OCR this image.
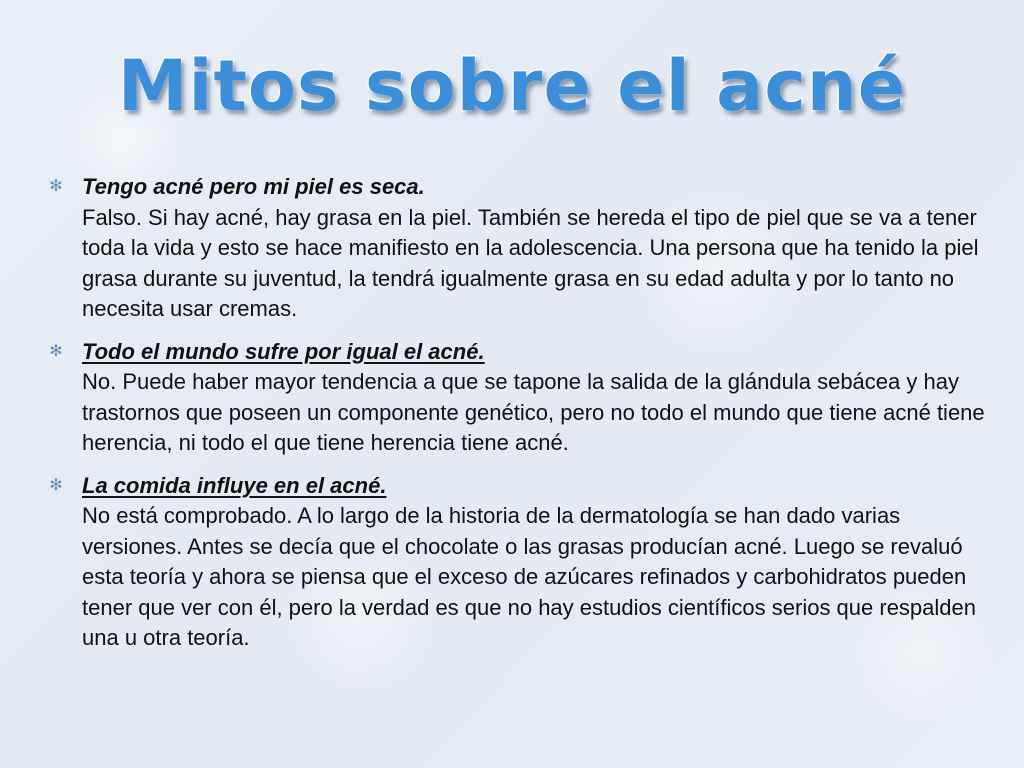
Mitos sobre el acné
✻ Tengo acné pero mi piel es seca.
Falso. Si hay acné, hay grasa en la piel. También se hereda el tipo de piel que se va a tener toda la vida y esto se hace manifiesto en la adolescencia. Una persona que ha tenido la piel grasa durante su juventud, la tendrá igualmente grasa en su edad adulta y por lo tanto no necesita usar cremas.
✻ Todo el mundo sufre por igual el acné.
No. Puede haber mayor tendencia a que se tapone la salida de la glándula sebácea y hay trastornos que poseen un componente genético, pero no todo el mundo que tiene acné tiene herencia, ni todo el que tiene herencia tiene acné.
✻ La comida influye en el acné.
No está comprobado. A lo largo de la historia de la dermatología se han dado varias versiones. Antes se decía que el chocolate o las grasas producían acné. Luego se revaluó esta teoría y ahora se piensa que el exceso de azúcares refinados y carbohidratos pueden tener que ver con él, pero la verdad es que no hay estudios científicos serios que respalden una u otra teoría.
